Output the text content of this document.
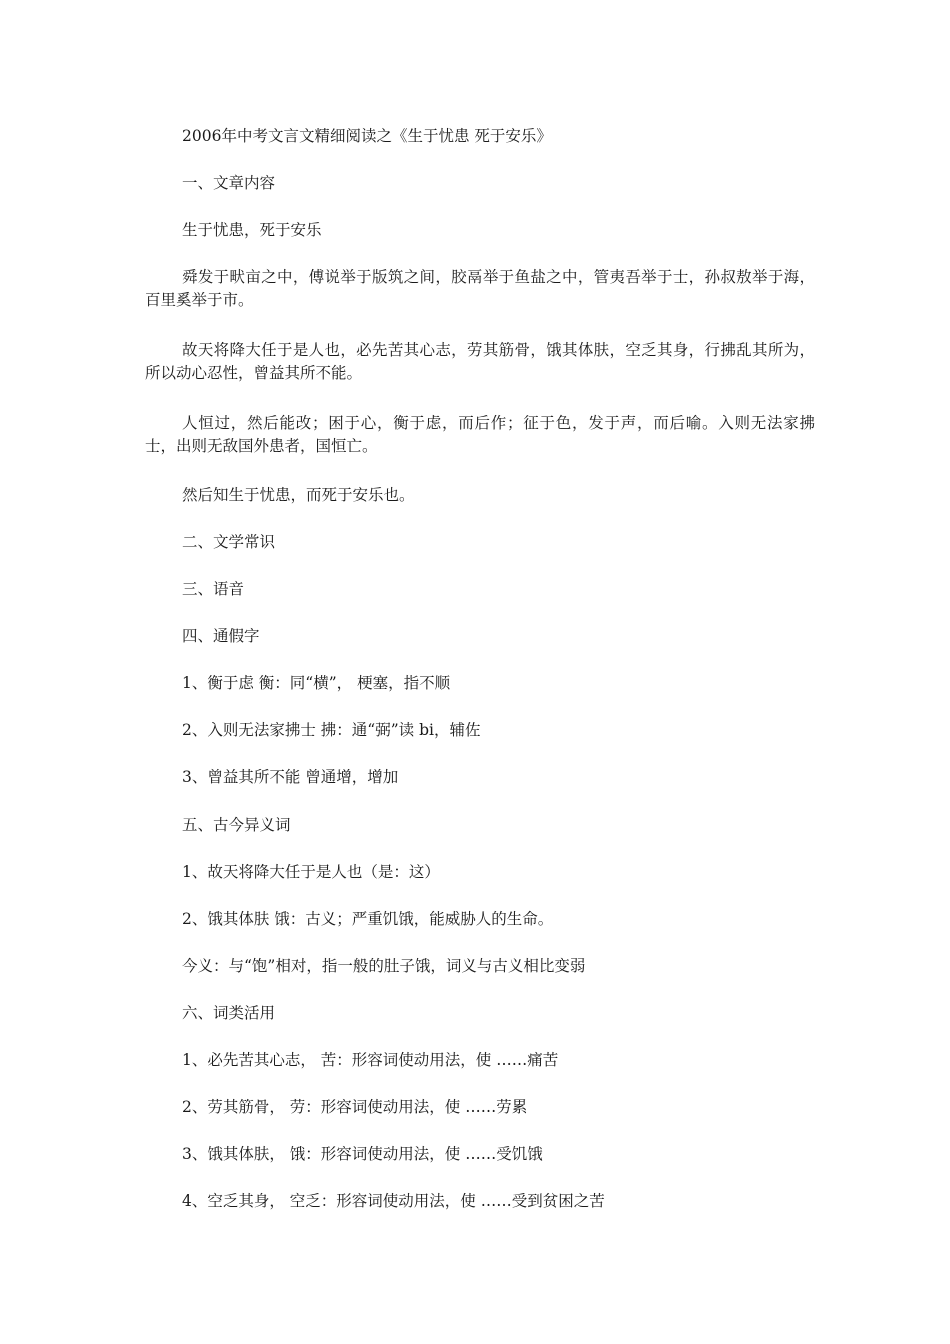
2006年中考文言文精细阅读之《生于忧患 死于安乐》

一、文章内容

生于忧患，死于安乐

舜发于畎亩之中，傅说举于版筑之间，胶鬲举于鱼盐之中，管夷吾举于士，孙叔敖举于海，百里奚举于市。

故天将降大任于是人也，必先苦其心志，劳其筋骨，饿其体肤，空乏其身，行拂乱其所为，所以动心忍性，曾益其所不能。

人恒过，然后能改；困于心，衡于虑，而后作；征于色，发于声，而后喻。入则无法家拂士，出则无敌国外患者，国恒亡。

然后知生于忧患，而死于安乐也。

二、文学常识

三、语音

四、通假字

1、衡于虑 衡：同“横”， 梗塞，指不顺

2、入则无法家拂士 拂：通“弼”读 bi，辅佐

3、曾益其所不能 曾通增，增加

五、古今异义词

1、故天将降大任于是人也（是：这）

2、饿其体肤 饿：古义；严重饥饿，能威胁人的生命。

今义：与“饱”相对，指一般的肚子饿，词义与古义相比变弱

六、词类活用

1、必先苦其心志， 苦：形容词使动用法，使 ……痛苦

2、劳其筋骨， 劳：形容词使动用法，使 ……劳累

3、饿其体肤， 饿：形容词使动用法，使 ……受饥饿

4、空乏其身， 空乏：形容词使动用法，使 ……受到贫困之苦
